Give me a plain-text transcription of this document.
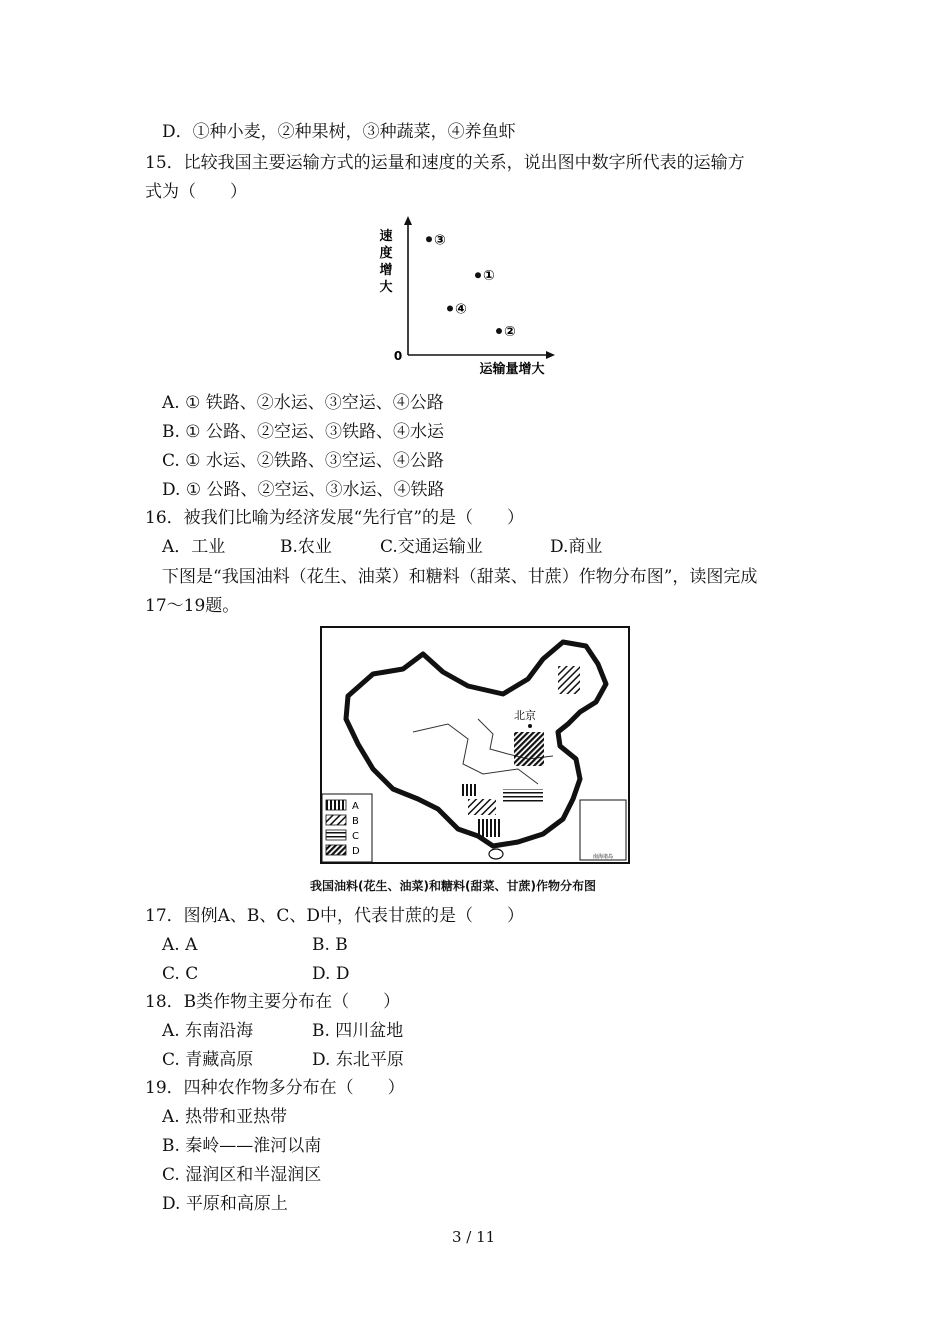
D．①种小麦，②种果树，③种蔬菜，④养鱼虾
15．比较我国主要运输方式的运量和速度的关系，说出图中数字所代表的运输方
式为（　　）
速
度
增
大
0
运输量增大
①
②
③
④
A. ① 铁路、②水运、③空运、④公路
B. ① 公路、②空运、③铁路、④水运
C. ① 水运、②铁路、③空运、④公路
D. ① 公路、②空运、③水运、④铁路
16．被我们比喻为经济发展“先行官”的是（　　）
A．工业	B.农业	C.交通运输业	D.商业
下图是“我国油料（花生、油菜）和糖料（甜菜、甘蔗）作物分布图”，读图完成
17～19题。
北京
A
B
C
D	南海诸岛
我国油料(花生、油菜)和糖料(甜菜、甘蔗)作物分布图
17．图例A、B、C、D中，代表甘蔗的是（　　）
A. A	B. B
C. C	D. D
18．B类作物主要分布在（　　）
A. 东南沿海	B. 四川盆地
C. 青藏高原	D. 东北平原
19．四种农作物多分布在（　　）
A. 热带和亚热带
B. 秦岭——淮河以南
C. 湿润区和半湿润区
D. 平原和高原上
3 / 11
